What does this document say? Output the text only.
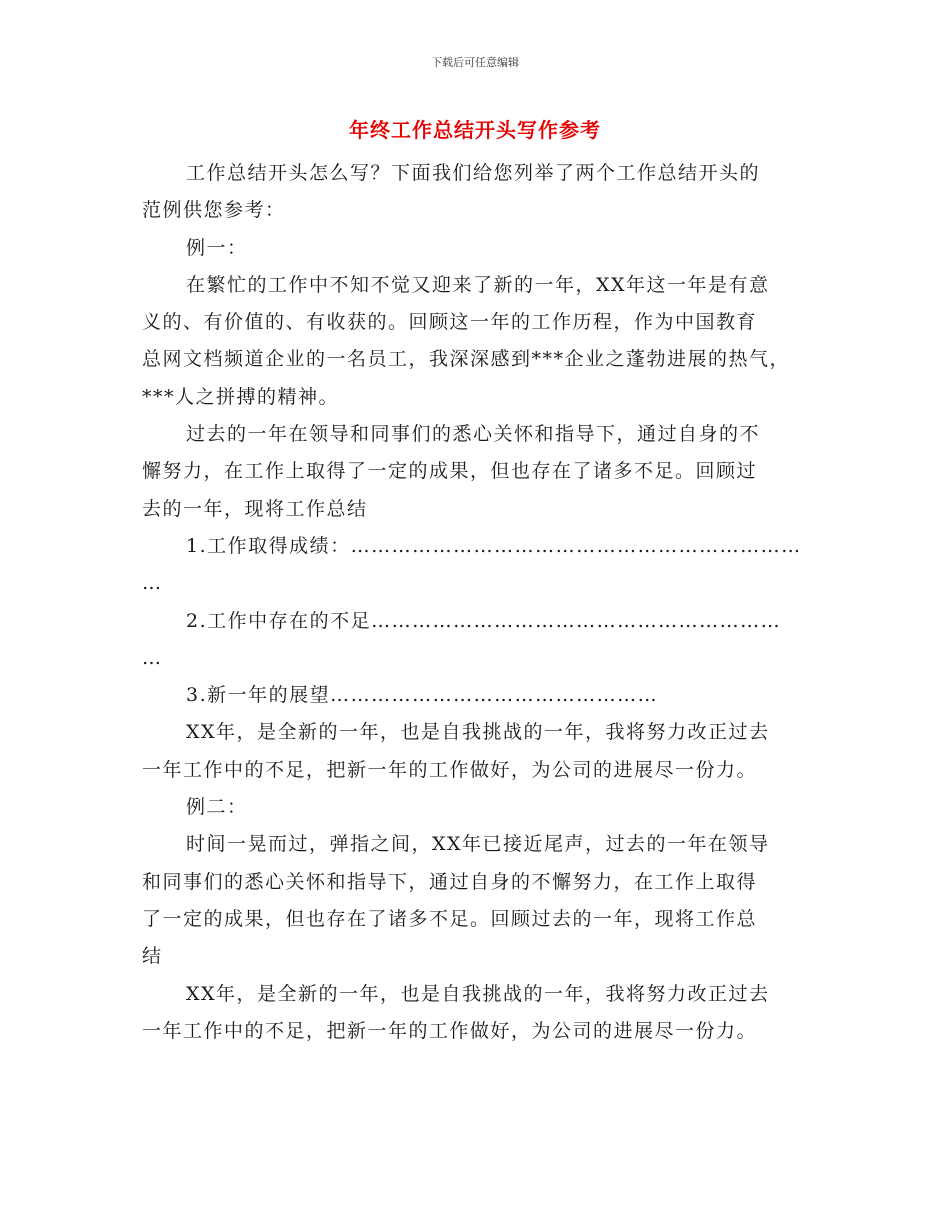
下载后可任意编辑
年终工作总结开头写作参考
工作总结开头怎么写？下面我们给您列举了两个工作总结开头的
范例供您参考：
例一：
在繁忙的工作中不知不觉又迎来了新的一年，XX年这一年是有意
义的、有价值的、有收获的。回顾这一年的工作历程，作为中国教育
总网文档频道企业的一名员工，我深深感到***企业之蓬勃进展的热气，
***人之拼搏的精神。
过去的一年在领导和同事们的悉心关怀和指导下，通过自身的不
懈努力，在工作上取得了一定的成果，但也存在了诸多不足。回顾过
去的一年，现将工作总结
1.工作取得成绩：…………………………………………………………
…
2.工作中存在的不足……………………………………………………
…
3.新一年的展望…………………………………………
XX年，是全新的一年，也是自我挑战的一年，我将努力改正过去
一年工作中的不足，把新一年的工作做好，为公司的进展尽一份力。
例二：
时间一晃而过，弹指之间，XX年已接近尾声，过去的一年在领导
和同事们的悉心关怀和指导下，通过自身的不懈努力，在工作上取得
了一定的成果，但也存在了诸多不足。回顾过去的一年，现将工作总
结
XX年，是全新的一年，也是自我挑战的一年，我将努力改正过去
一年工作中的不足，把新一年的工作做好，为公司的进展尽一份力。
